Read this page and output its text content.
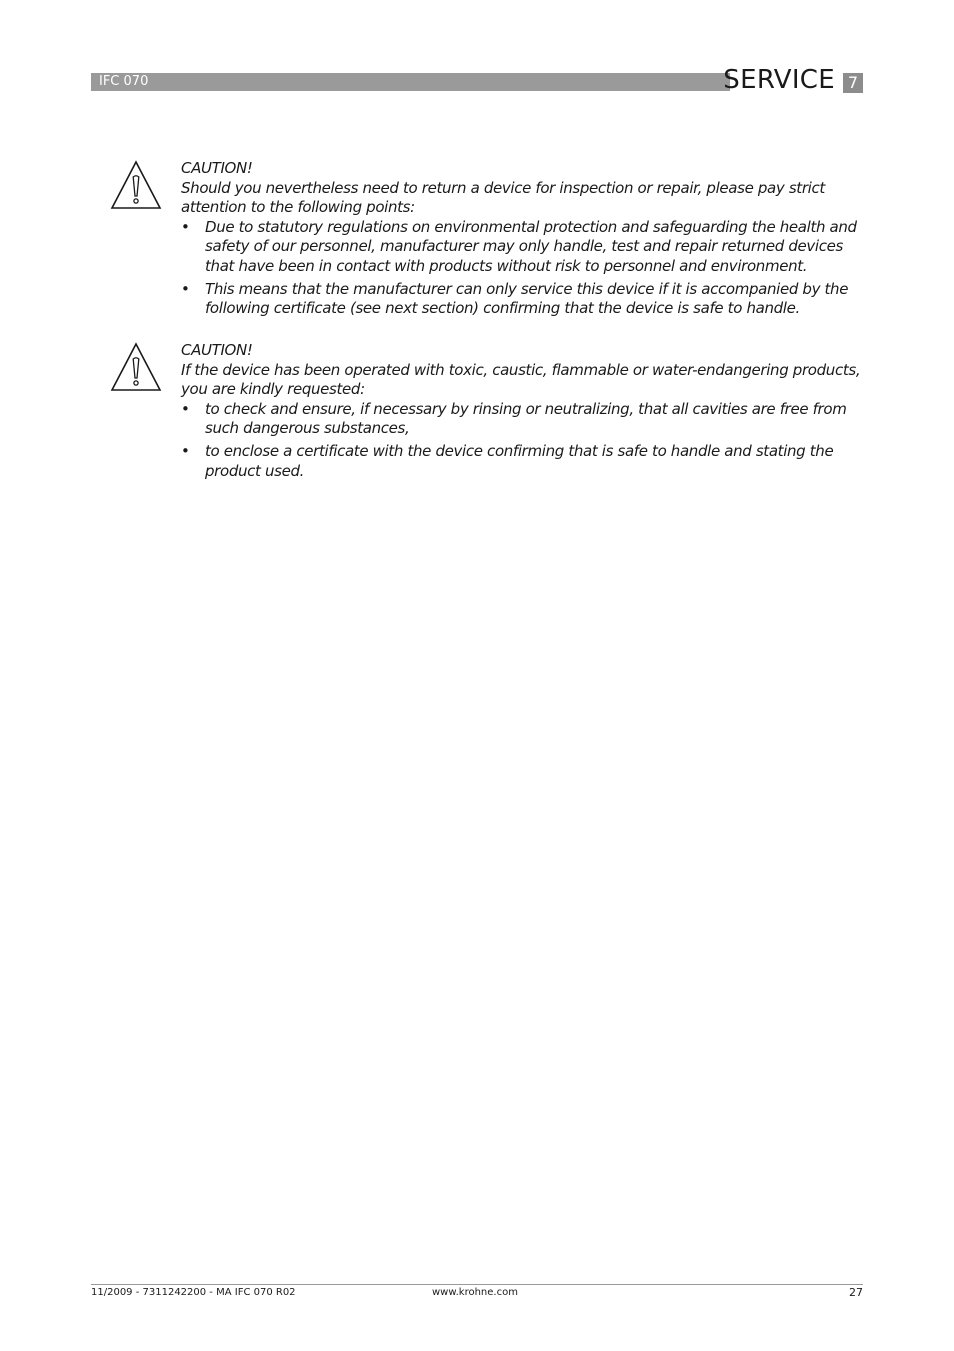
IFC 070	SERVICE 7

CAUTION!

Should you nevertheless need to return a device for inspection or repair, please pay strict attention to the following points:

• Due to statutory regulations on environmental protection and safeguarding the health and safety of our personnel, manufacturer may only handle, test and repair returned devices that have been in contact with products without risk to personnel and environment.
• This means that the manufacturer can only service this device if it is accompanied by the following certificate (see next section) confirming that the device is safe to handle.

CAUTION!

If the device has been operated with toxic, caustic, flammable or water-endangering products, you are kindly requested:

• to check and ensure, if necessary by rinsing or neutralizing, that all cavities are free from such dangerous substances,
• to enclose a certificate with the device confirming that is safe to handle and stating the product used.
11/2009 - 7311242200 - MA IFC 070 R02	www.krohne.com	27
